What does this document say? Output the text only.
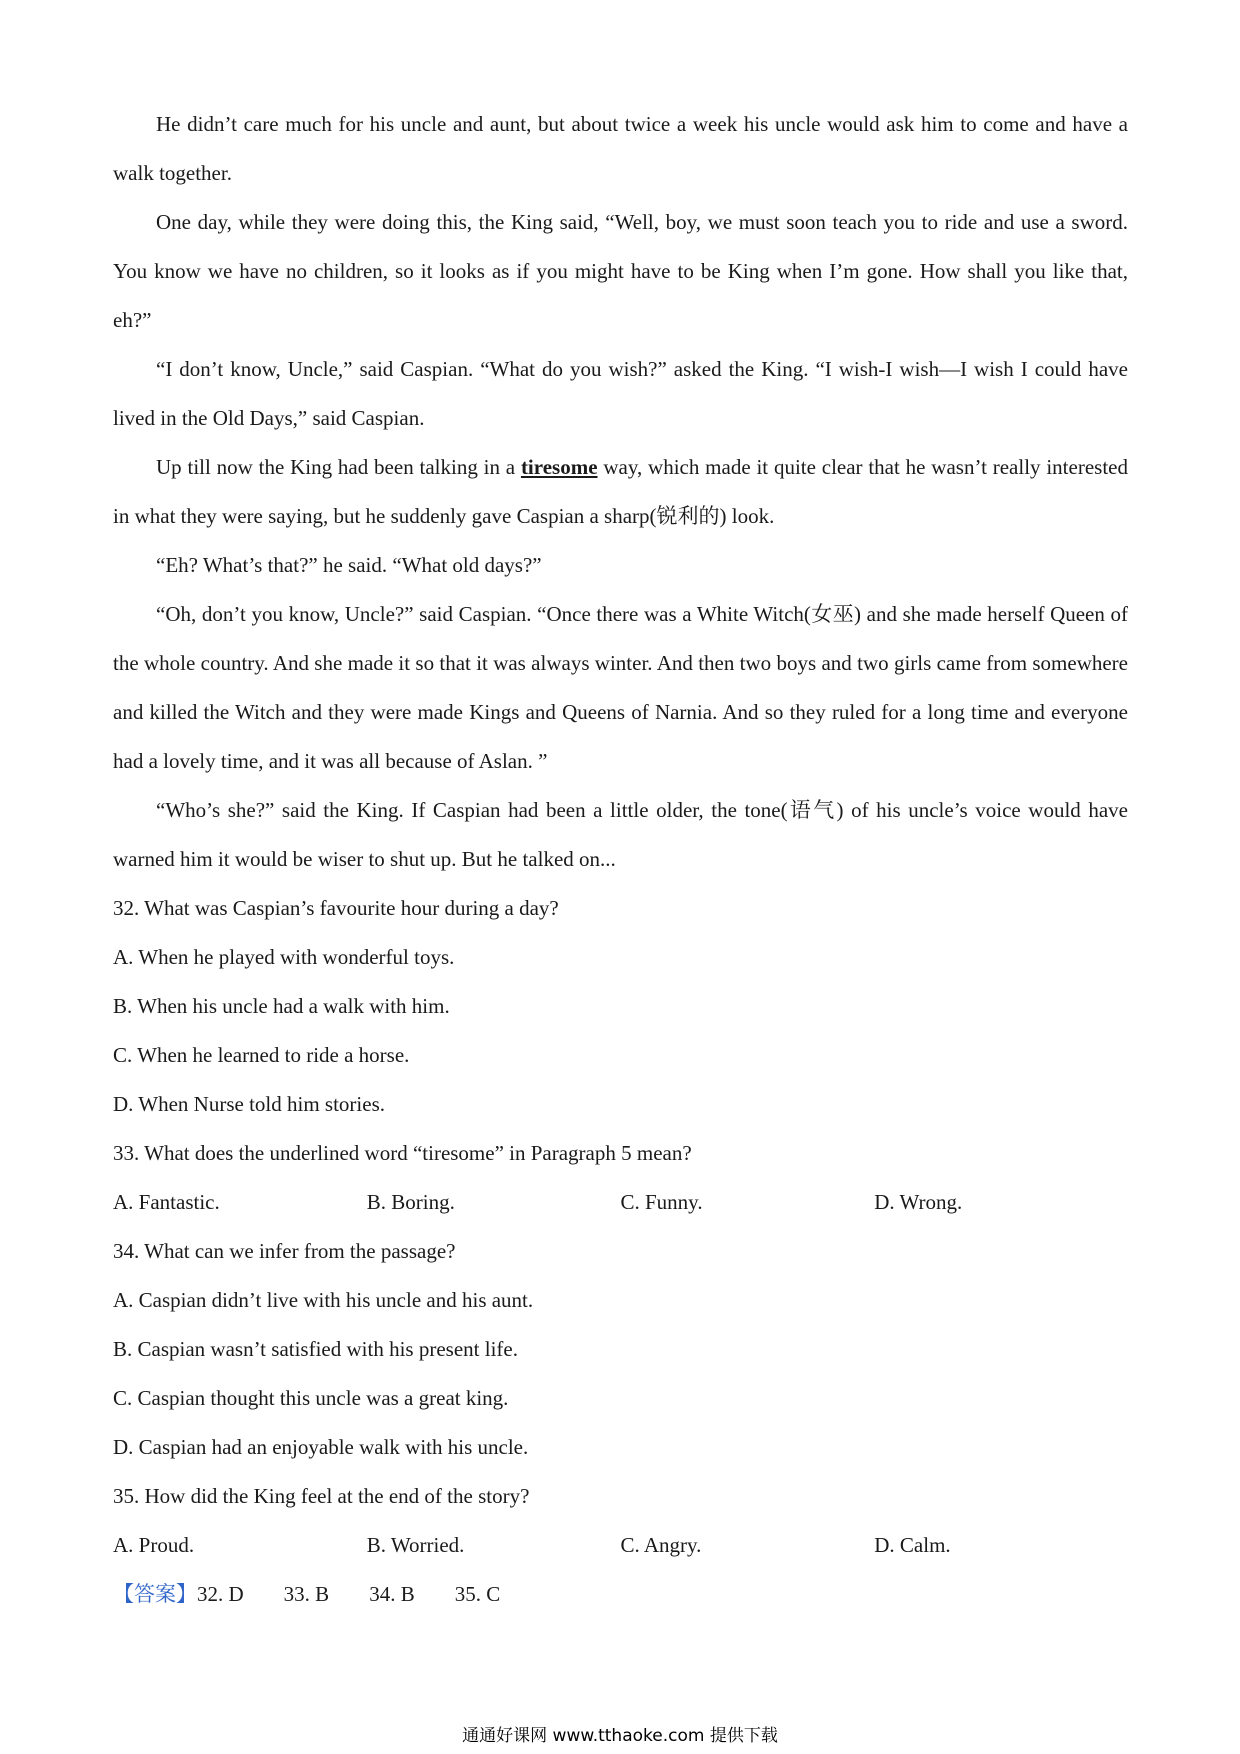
He didn’t care much for his uncle and aunt, but about twice a week his uncle would ask him to come and have a walk together.

One day, while they were doing this, the King said, “Well, boy, we must soon teach you to ride and use a sword. You know we have no children, so it looks as if you might have to be King when I’m gone. How shall you like that, eh?”

“I don’t know, Uncle,” said Caspian. “What do you wish?” asked the King. “I wish-I wish—I wish I could have lived in the Old Days,” said Caspian.

Up till now the King had been talking in a tiresome way, which made it quite clear that he wasn’t really interested in what they were saying, but he suddenly gave Caspian a sharp(锐利的) look.

“Eh? What’s that?” he said. “What old days?”

“Oh, don’t you know, Uncle?” said Caspian. “Once there was a White Witch(女巫) and she made herself Queen of the whole country. And she made it so that it was always winter. And then two boys and two girls came from somewhere and killed the Witch and they were made Kings and Queens of Narnia. And so they ruled for a long time and everyone had a lovely time, and it was all because of Aslan. ”

“Who’s she?” said the King. If Caspian had been a little older, the tone(语气) of his uncle’s voice would have warned him it would be wiser to shut up. But he talked on...

32. What was Caspian’s favourite hour during a day?

A. When he played with wonderful toys.

B. When his uncle had a walk with him.

C. When he learned to ride a horse.

D. When Nurse told him stories.

33. What does the underlined word “tiresome” in Paragraph 5 mean?

A. Fantastic.	B. Boring.	C. Funny.	D. Wrong.

34. What can we infer from the passage?

A. Caspian didn’t live with his uncle and his aunt.

B. Caspian wasn’t satisfied with his present life.

C. Caspian thought this uncle was a great king.

D. Caspian had an enjoyable walk with his uncle.

35. How did the King feel at the end of the story?

A. Proud.	B. Worried.	C. Angry.	D. Calm.

【答案】32. D 33. B 34. B 35. C

通通好课网 www.tthaoke.com 提供下载
